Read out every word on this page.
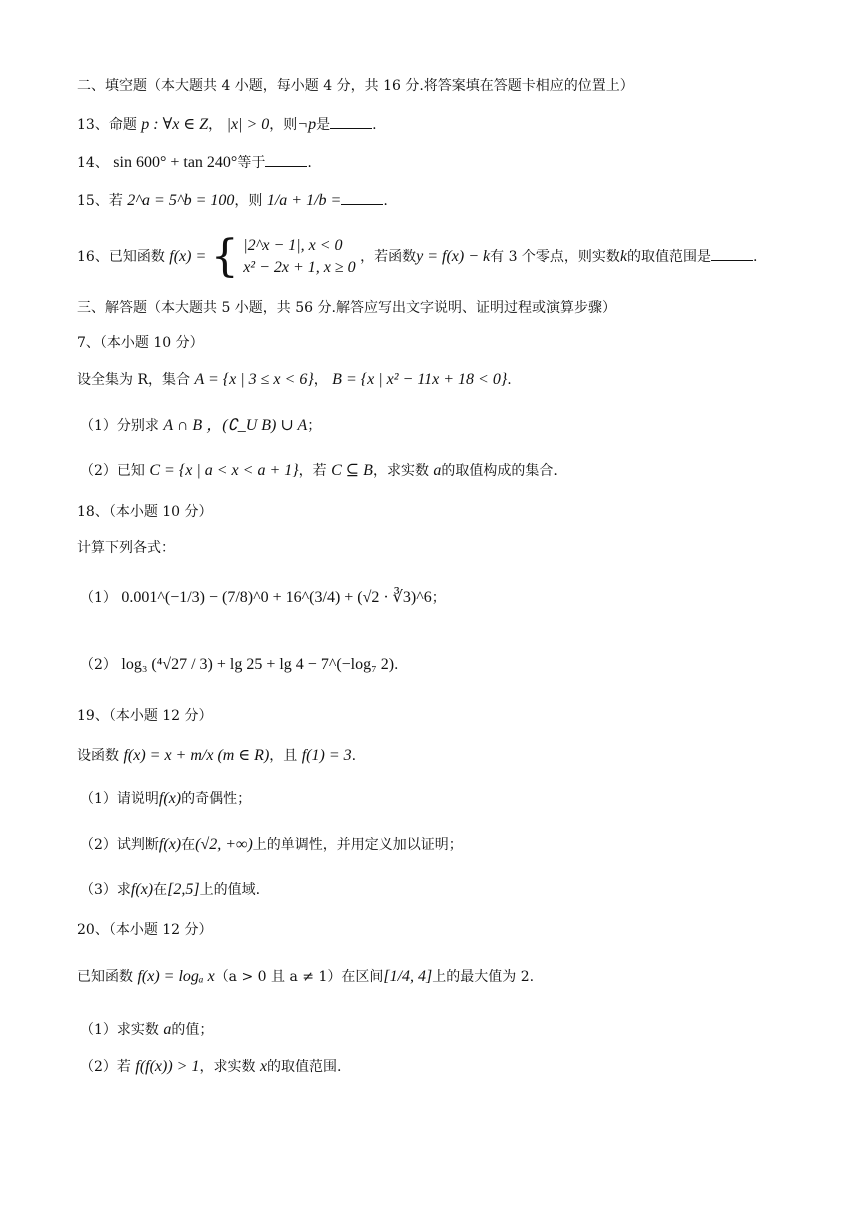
二、填空题（本大题共 4 小题，每小题 4 分，共 16 分.将答案填在答题卡相应的位置上）
13、命题 p : ∀x ∈ Z， |x| > 0，则¬p是	.
14、 sin 600° + tan 240°等于	.
15、若 2^a = 5^b = 100，则 1/a + 1/b =	.
16、已知函数 f(x) = { |2^x − 1|, x < 0
x² − 2x + 1, x ≥ 0
，若函数y = f(x) − k有 3 个零点，则实数k的取值范围是	.
三、解答题（本大题共 5 小题，共 56 分.解答应写出文字说明、证明过程或演算步骤）
7、（本小题 10 分）
设全集为 R，集合 A = {x | 3 ≤ x < 6}， B = {x | x² − 11x + 18 < 0}.
（1）分别求 A ∩ B ，(∁_U B) ∪ A；
（2）已知 C = {x | a < x < a + 1}，若 C ⊆ B，求实数 a的取值构成的集合.
18、（本小题 10 分）
计算下列各式：
（1） 0.001^(−1/3) − (7/8)^0 + 16^(3/4) + (√2 · ∛3)^6；
（2） log₃ (⁴√27 / 3) + lg 25 + lg 4 − 7^(−log₇ 2).
19、（本小题 12 分）
设函数 f(x) = x + m/x (m ∈ R)，且 f(1) = 3.
（1）请说明f(x)的奇偶性；
（2）试判断f(x)在(√2, +∞)上的单调性，并用定义加以证明；
（3）求f(x)在[2,5]上的值域.
20、（本小题 12 分）
已知函数 f(x) = logₐ x（a > 0 且 a ≠ 1）在区间[1/4, 4]上的最大值为 2.
（1）求实数 a的值；
（2）若 f(f(x)) > 1，求实数 x的取值范围.
